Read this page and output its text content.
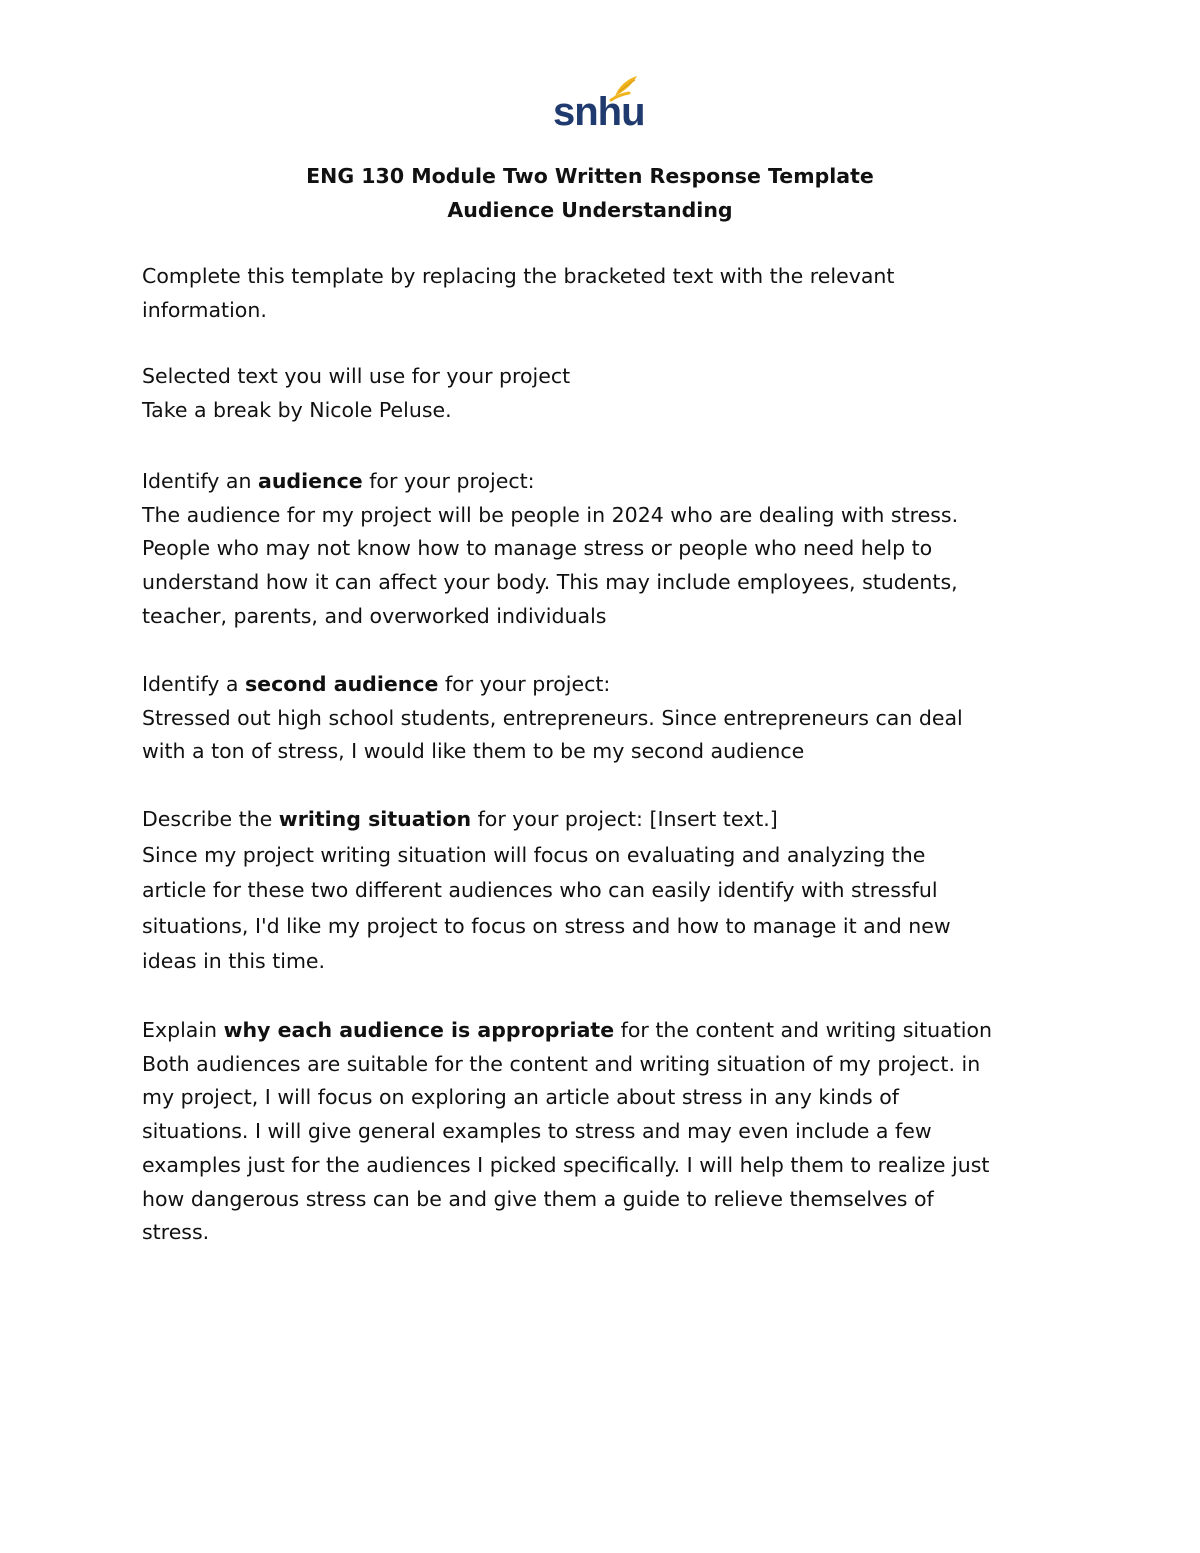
snhu
ENG 130 Module Two Written Response Template
Audience Understanding
Complete this template by replacing the bracketed text with the relevant
information.
Selected text you will use for your project
Take a break by Nicole Peluse.
Identify an audience for your project:
The audience for my project will be people in 2024 who are dealing with stress.
People who may not know how to manage stress or people who need help to
understand how it can affect your body. This may include employees, students,
teacher, parents, and overworked individuals
Identify a second audience for your project:
Stressed out high school students, entrepreneurs. Since entrepreneurs can deal
with a ton of stress, I would like them to be my second audience
Describe the writing situation for your project: [Insert text.]
Since my project writing situation will focus on evaluating and analyzing the
article for these two different audiences who can easily identify with stressful
situations, I'd like my project to focus on stress and how to manage it and new
ideas in this time.
Explain why each audience is appropriate for the content and writing situation
Both audiences are suitable for the content and writing situation of my project. in
my project, I will focus on exploring an article about stress in any kinds of
situations. I will give general examples to stress and may even include a few
examples just for the audiences I picked specifically. I will help them to realize just
how dangerous stress can be and give them a guide to relieve themselves of
stress.
